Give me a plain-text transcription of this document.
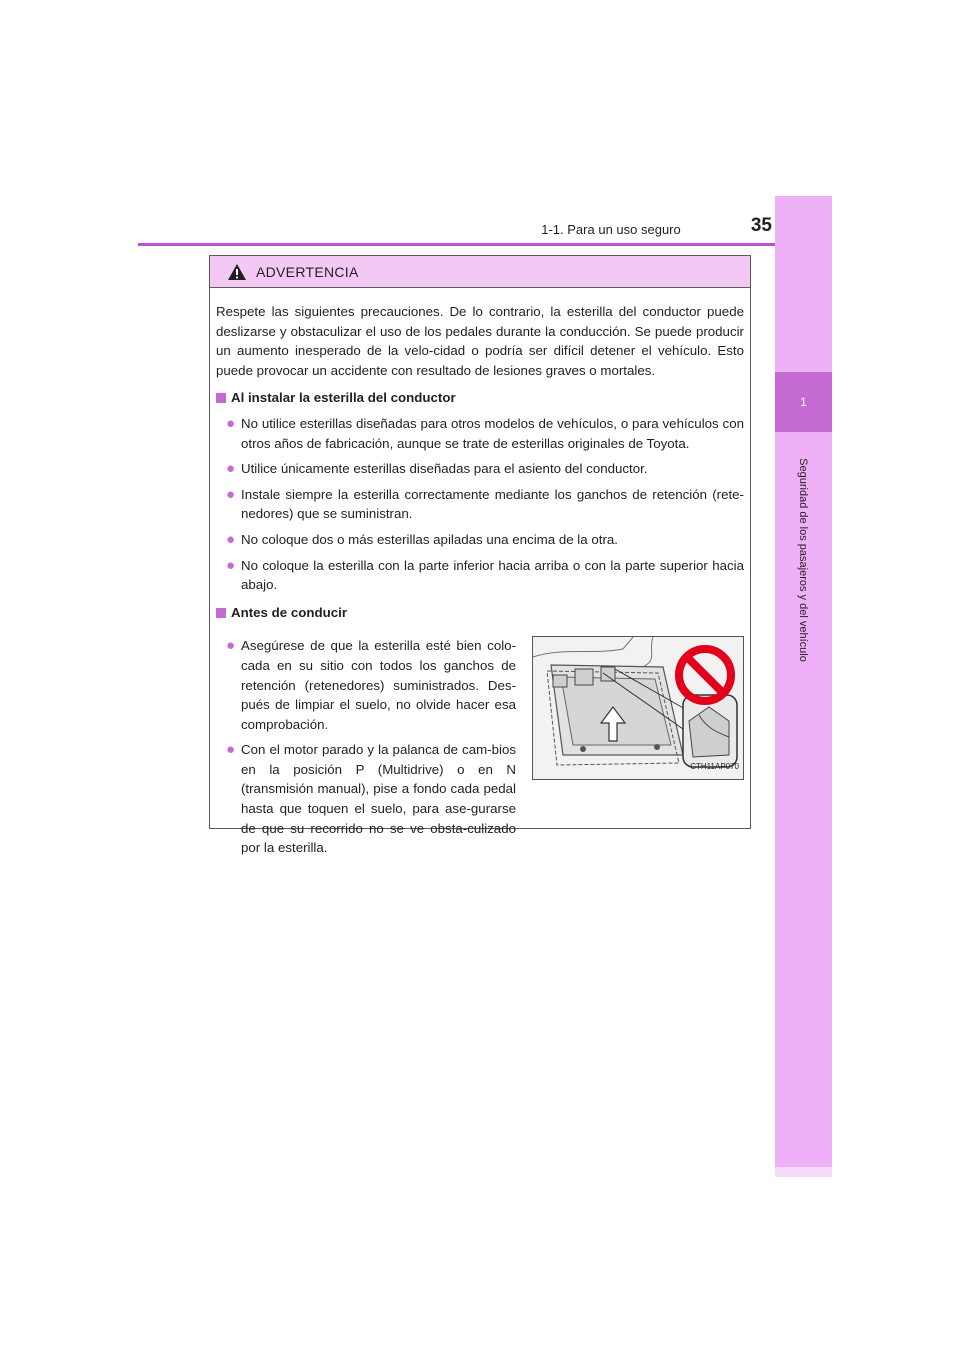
1-1. Para un uso seguro	35
1
Seguridad de los pasajeros y del vehículo
ADVERTENCIA

Respete las siguientes precauciones. De lo contrario, la esterilla del conductor puede deslizarse y obstaculizar el uso de los pedales durante la conducción. Se puede producir un aumento inesperado de la velo-cidad o podría ser difícil detener el vehículo. Esto puede provocar un accidente con resultado de lesiones graves o mortales.

Al instalar la esterilla del conductor
● No utilice esterillas diseñadas para otros modelos de vehículos, o para vehículos con otros años de fabricación, aunque se trate de esterillas originales de Toyota.
● Utilice únicamente esterillas diseñadas para el asiento del conductor.
● Instale siempre la esterilla correctamente mediante los ganchos de retención (rete-nedores) que se suministran.
● No coloque dos o más esterillas apiladas una encima de la otra.
● No coloque la esterilla con la parte inferior hacia arriba o con la parte superior hacia abajo.
Antes de conducir
● Asegúrese de que la esterilla esté bien colo-cada en su sitio con todos los ganchos de retención (retenedores) suministrados. Des-pués de limpiar el suelo, no olvide hacer esa comprobación.
● Con el motor parado y la palanca de cam-bios en la posición P (Multidrive) o en N (transmisión manual), pise a fondo cada pedal hasta que toquen el suelo, para ase-gurarse de que su recorrido no se ve obsta-culizado por la esterilla.
CTH11AP070
